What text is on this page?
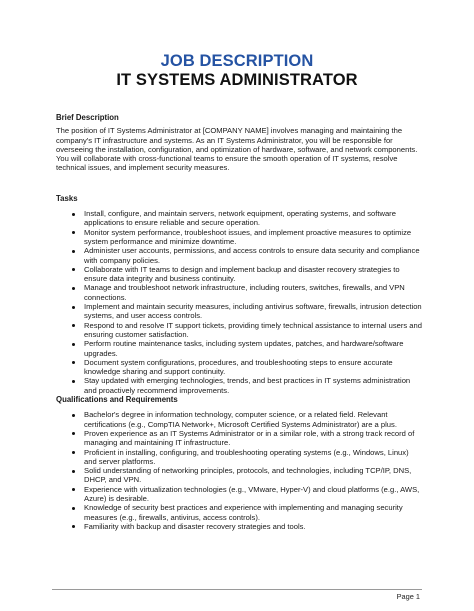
JOB DESCRIPTION
IT SYSTEMS ADMINISTRATOR
Brief Description

The position of IT Systems Administrator at [COMPANY NAME] involves managing and maintaining the company's IT infrastructure and systems. As an IT Systems Administrator, you will be responsible for overseeing the installation, configuration, and optimization of hardware, software, and network components. You will collaborate with cross-functional teams to ensure the smooth operation of IT systems, resolve technical issues, and implement security measures.

Tasks
Install, configure, and maintain servers, network equipment, operating systems, and software applications to ensure reliable and secure operation.
Monitor system performance, troubleshoot issues, and implement proactive measures to optimize system performance and minimize downtime.
Administer user accounts, permissions, and access controls to ensure data security and compliance with company policies.
Collaborate with IT teams to design and implement backup and disaster recovery strategies to ensure data integrity and business continuity.
Manage and troubleshoot network infrastructure, including routers, switches, firewalls, and VPN connections.
Implement and maintain security measures, including antivirus software, firewalls, intrusion detection systems, and user access controls.
Respond to and resolve IT support tickets, providing timely technical assistance to internal users and ensuring customer satisfaction.
Perform routine maintenance tasks, including system updates, patches, and hardware/software upgrades.
Document system configurations, procedures, and troubleshooting steps to ensure accurate knowledge sharing and support continuity.
Stay updated with emerging technologies, trends, and best practices in IT systems administration and proactively recommend improvements.
Qualifications and Requirements
Bachelor's degree in information technology, computer science, or a related field. Relevant certifications (e.g., CompTIA Network+, Microsoft Certified Systems Administrator) are a plus.
Proven experience as an IT Systems Administrator or in a similar role, with a strong track record of managing and maintaining IT infrastructure.
Proficient in installing, configuring, and troubleshooting operating systems (e.g., Windows, Linux) and server platforms.
Solid understanding of networking principles, protocols, and technologies, including TCP/IP, DNS, DHCP, and VPN.
Experience with virtualization technologies (e.g., VMware, Hyper-V) and cloud platforms (e.g., AWS, Azure) is desirable.
Knowledge of security best practices and experience with implementing and managing security measures (e.g., firewalls, antivirus, access controls).
Familiarity with backup and disaster recovery strategies and tools.
Page 1
